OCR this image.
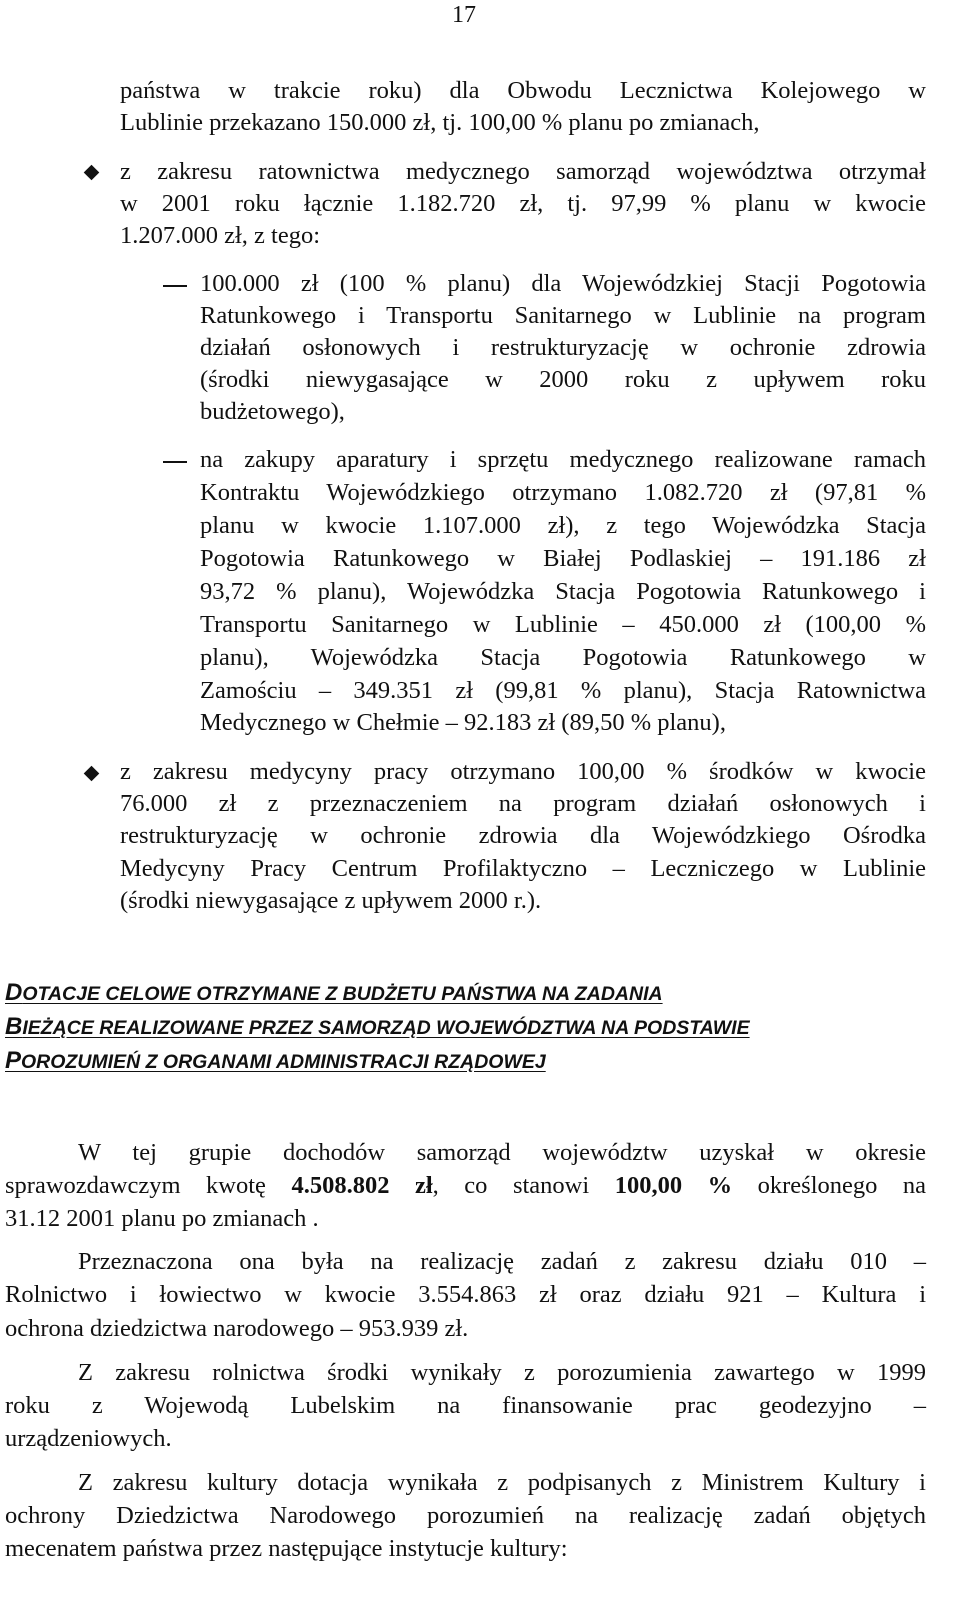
17
państwa w trakcie roku) dla Obwodu Lecznictwa Kolejowego w
Lublinie przekazano 150.000 zł, tj. 100,00 % planu po zmianach,
z zakresu ratownictwa medycznego samorząd województwa otrzymał
w 2001 roku łącznie 1.182.720 zł, tj. 97,99 % planu w kwocie
1.207.000 zł, z tego:
100.000 zł (100 % planu) dla Wojewódzkiej Stacji Pogotowia
Ratunkowego i Transportu Sanitarnego w Lublinie na program
działań osłonowych i restrukturyzację w ochronie zdrowia
(środki niewygasające w 2000 roku z upływem roku
budżetowego),
na zakupy aparatury i sprzętu medycznego realizowane ramach
Kontraktu Wojewódzkiego otrzymano 1.082.720 zł (97,81 %
planu w kwocie 1.107.000 zł), z tego Wojewódzka Stacja
Pogotowia Ratunkowego w Białej Podlaskiej – 191.186 zł
93,72 % planu), Wojewódzka Stacja Pogotowia Ratunkowego i
Transportu Sanitarnego w Lublinie – 450.000 zł (100,00 %
planu), Wojewódzka Stacja Pogotowia Ratunkowego w
Zamościu – 349.351 zł (99,81 % planu), Stacja Ratownictwa
Medycznego w Chełmie – 92.183 zł (89,50 % planu),
z zakresu medycyny pracy otrzymano 100,00 % środków w kwocie
76.000 zł z przeznaczeniem na program działań osłonowych i
restrukturyzację w ochronie zdrowia dla Wojewódzkiego Ośrodka
Medycyny Pracy Centrum Profilaktyczno – Leczniczego w Lublinie
(środki niewygasające z upływem 2000 r.).
DOTACJE CELOWE OTRZYMANE Z BUDŻETU PAŃSTWA NA ZADANIA
BIEŻĄCE REALIZOWANE PRZEZ SAMORZĄD WOJEWÓDZTWA NA PODSTAWIE
POROZUMIEŃ Z ORGANAMI ADMINISTRACJI RZĄDOWEJ
W tej grupie dochodów samorząd województw uzyskał w okresie
sprawozdawczym kwotę 4.508.802 zł, co stanowi 100,00 % określonego na
31.12 2001 planu po zmianach .
Przeznaczona ona była na realizację zadań z zakresu działu 010 –
Rolnictwo i łowiectwo w kwocie 3.554.863 zł oraz działu 921 – Kultura i
ochrona dziedzictwa narodowego – 953.939 zł.
Z zakresu rolnictwa środki wynikały z porozumienia zawartego w 1999
roku z Wojewodą Lubelskim na finansowanie prac geodezyjno –
urządzeniowych.
Z zakresu kultury dotacja wynikała z podpisanych z Ministrem Kultury i
ochrony Dziedzictwa Narodowego porozumień na realizację zadań objętych
mecenatem państwa przez następujące instytucje kultury:
